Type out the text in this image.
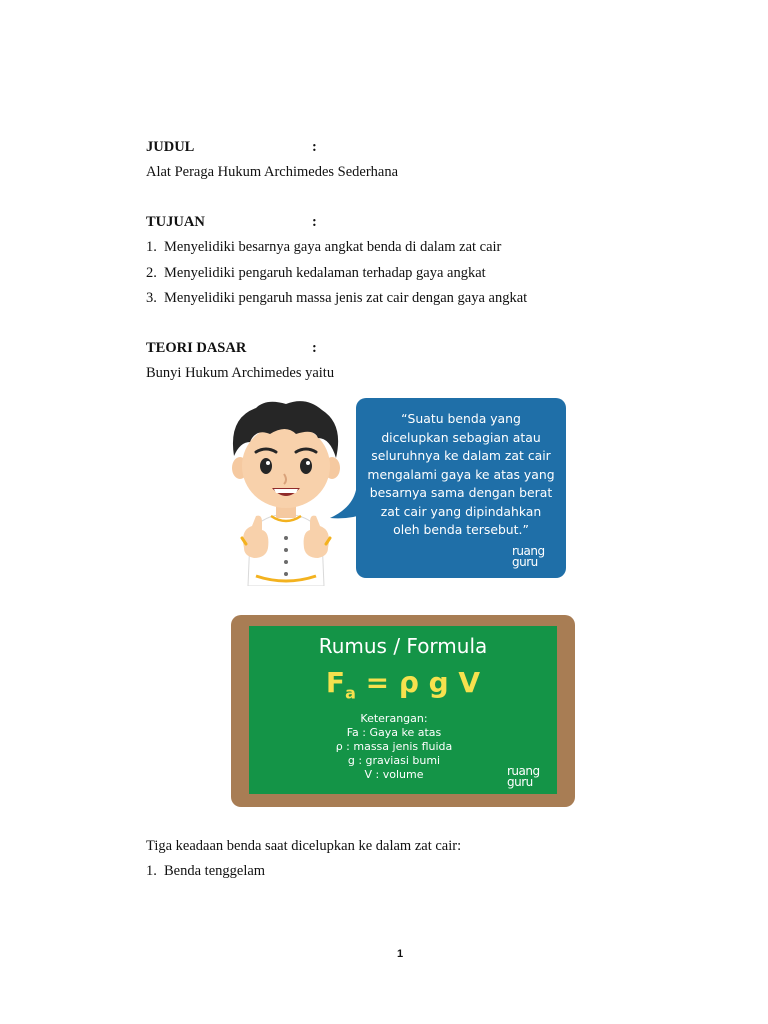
JUDUL	:
Alat Peraga Hukum Archimedes Sederhana
TUJUAN	:
1. Menyelidiki besarnya gaya angkat benda di dalam zat cair
2. Menyelidiki pengaruh kedalaman terhadap gaya angkat
3. Menyelidiki pengaruh massa jenis zat cair dengan gaya angkat
TEORI DASAR	:
Bunyi Hukum Archimedes yaitu
“Suatu benda yang
dicelupkan sebagian atau
seluruhnya ke dalam zat cair
mengalami gaya ke atas yang
besarnya sama dengan berat
zat cair yang dipindahkan
oleh benda tersebut.”
ruang
guru
Rumus / Formula
$F_a = \rho$ g V
Keterangan:
Fa : Gaya ke atas
ρ : massa jenis fluida
g : graviasi bumi
V : volume	ruang
guru
Tiga keadaan benda saat dicelupkan ke dalam zat cair:
1. Benda tenggelam
1
